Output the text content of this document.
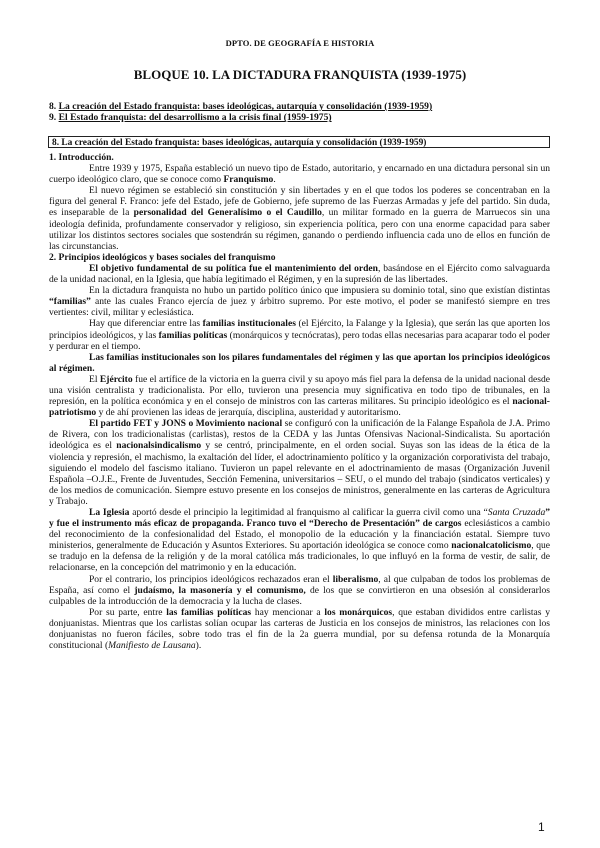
DPTO. DE GEOGRAFÍA E HISTORIA
BLOQUE 10. LA DICTADURA FRANQUISTA (1939-1975)
8. La creación del Estado franquista: bases ideológicas, autarquía y consolidación (1939-1959)
9. El Estado franquista: del desarrollismo a la crisis final (1959-1975)
8. La creación del Estado franquista: bases ideológicas, autarquía y consolidación (1939-1959)

1. Introducción.

Entre 1939 y 1975, España estableció un nuevo tipo de Estado, autoritario, y encarnado en una dictadura personal sin un cuerpo ideológico claro, que se conoce como Franquismo.

El nuevo régimen se estableció sin constitución y sin libertades y en el que todos los poderes se concentraban en la figura del general F. Franco: jefe del Estado, jefe de Gobierno, jefe supremo de las Fuerzas Armadas y jefe del partido. Sin duda, es inseparable de la personalidad del Generalísimo o el Caudillo, un militar formado en la guerra de Marruecos sin una ideología definida, profundamente conservador y religioso, sin experiencia política, pero con una enorme capacidad para saber utilizar los distintos sectores sociales que sostendrán su régimen, ganando o perdiendo influencia cada uno de ellos en función de las circunstancias.

2. Principios ideológicos y bases sociales del franquismo

El objetivo fundamental de su política fue el mantenimiento del orden, basándose en el Ejército como salvaguarda de la unidad nacional, en la Iglesia, que había legitimado el Régimen, y en la supresión de las libertades.

En la dictadura franquista no hubo un partido político único que impusiera su dominio total, sino que existían distintas “familias” ante las cuales Franco ejercía de juez y árbitro supremo. Por este motivo, el poder se manifestó siempre en tres vertientes: civil, militar y eclesiástica.

Hay que diferenciar entre las familias institucionales (el Ejército, la Falange y la Iglesia), que serán las que aporten los principios ideológicos, y las familias políticas (monárquicos y tecnócratas), pero todas ellas necesarias para acaparar todo el poder y perdurar en el tiempo.

Las familias institucionales son los pilares fundamentales del régimen y las que aportan los principios ideológicos al régimen.

El Ejército fue el artífice de la victoria en la guerra civil y su apoyo más fiel para la defensa de la unidad nacional desde una visión centralista y tradicionalista. Por ello, tuvieron una presencia muy significativa en todo tipo de tribunales, en la represión, en la política económica y en el consejo de ministros con las carteras militares. Su principio ideológico es el nacional- patriotismo y de ahí provienen las ideas de jerarquía, disciplina, austeridad y autoritarismo.

El partido FET y JONS o Movimiento nacional se configuró con la unificación de la Falange Española de J.A. Primo de Rivera, con los tradicionalistas (carlistas), restos de la CEDA y las Juntas Ofensivas Nacional-Sindicalista. Su aportación ideológica es el nacionalsindicalismo y se centró, principalmente, en el orden social. Suyas son las ideas de la ética de la violencia y represión, el machismo, la exaltación del líder, el adoctrinamiento político y la organización corporativista del trabajo, siguiendo el modelo del fascismo italiano. Tuvieron un papel relevante en el adoctrinamiento de masas (Organización Juvenil Española –O.J.E., Frente de Juventudes, Sección Femenina, universitarios – SEU, o el mundo del trabajo (sindicatos verticales) y de los medios de comunicación. Siempre estuvo presente en los consejos de ministros, generalmente en las carteras de Agricultura y Trabajo.

La Iglesia aportó desde el principio la legitimidad al franquismo al calificar la guerra civil como una “Santa Cruzada” y fue el instrumento más eficaz de propaganda. Franco tuvo el “Derecho de Presentación” de cargos eclesiásticos a cambio del reconocimiento de la confesionalidad del Estado, el monopolio de la educación y la financiación estatal. Siempre tuvo ministerios, generalmente de Educación y Asuntos Exteriores. Su aportación ideológica se conoce como nacionalcatolicismo, que se tradujo en la defensa de la religión y de la moral católica más tradicionales, lo que influyó en la forma de vestir, de salir, de relacionarse, en la concepción del matrimonio y en la educación.

Por el contrario, los principios ideológicos rechazados eran el liberalismo, al que culpaban de todos los problemas de España, así como el judaísmo, la masonería y el comunismo, de los que se convirtieron en una obsesión al considerarlos culpables de la introducción de la democracia y la lucha de clases.

Por su parte, entre las familias políticas hay mencionar a los monárquicos, que estaban divididos entre carlistas y donjuanistas. Mientras que los carlistas solían ocupar las carteras de Justicia en los consejos de ministros, las relaciones con los donjuanistas no fueron fáciles, sobre todo tras el fin de la 2a guerra mundial, por su defensa rotunda de la Monarquía constitucional (Manifiesto de Lausana).

1
